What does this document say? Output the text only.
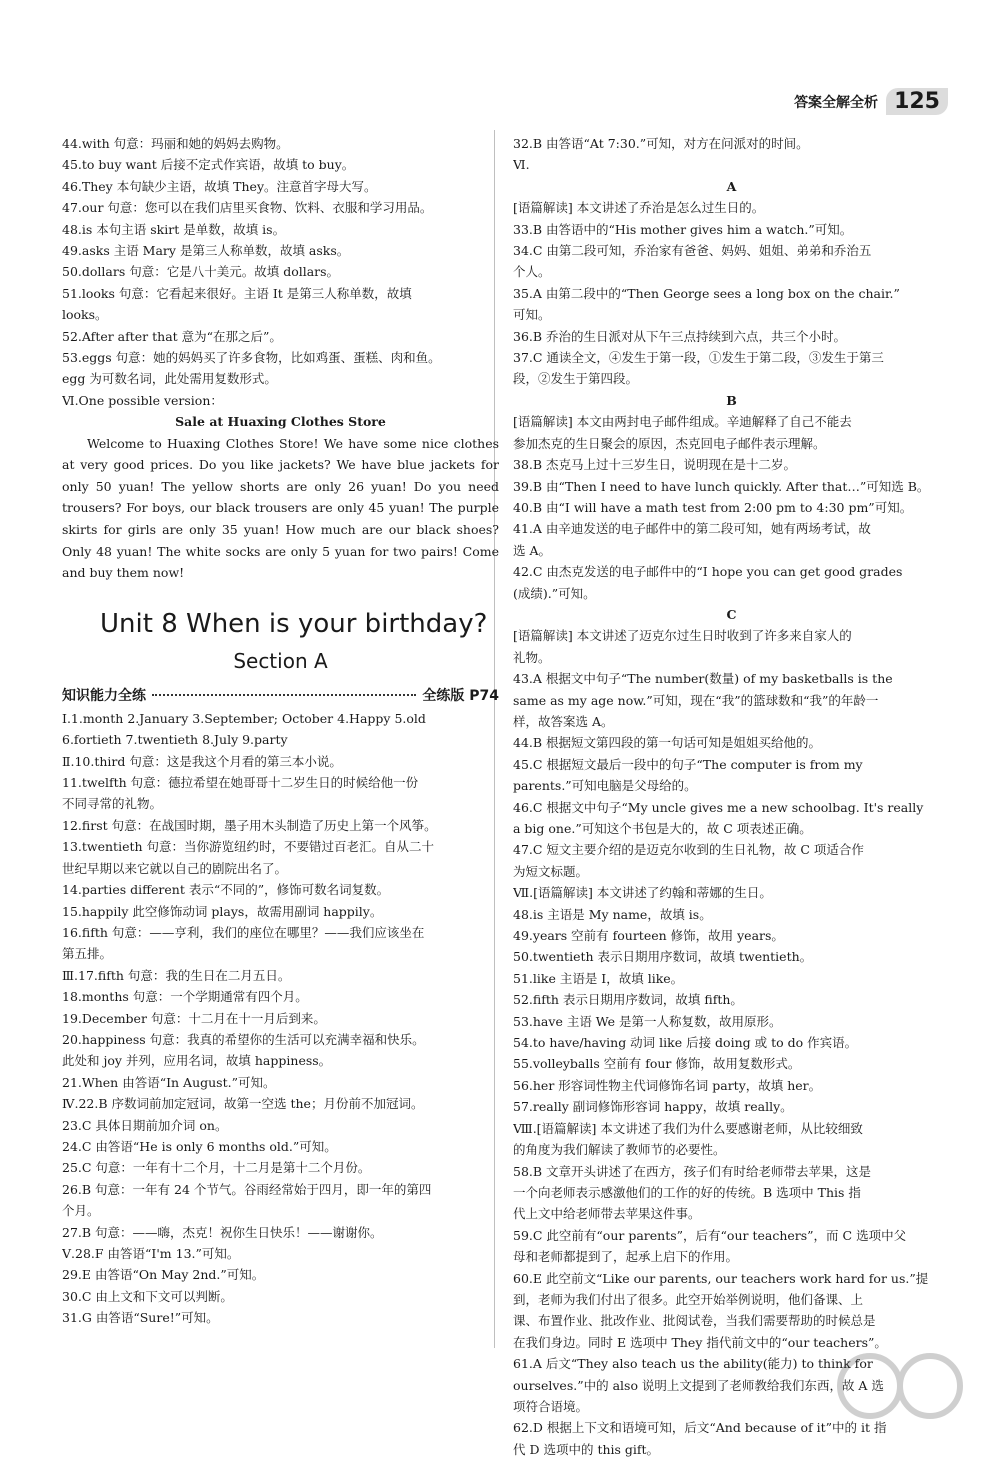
答案全解全析 125
44.with 句意：玛丽和她的妈妈去购物。
45.to buy want 后接不定式作宾语，故填 to buy。
46.They 本句缺少主语，故填 They。注意首字母大写。
47.our 句意：您可以在我们店里买食物、饮料、衣服和学习用品。
48.is 本句主语 skirt 是单数，故填 is。
49.asks 主语 Mary 是第三人称单数，故填 asks。
50.dollars 句意：它是八十美元。故填 dollars。
51.looks 句意：它看起来很好。主语 It 是第三人称单数，故填
looks。
52.After after that 意为“在那之后”。
53.eggs 句意：她的妈妈买了许多食物，比如鸡蛋、蛋糕、肉和鱼。
egg 为可数名词，此处需用复数形式。
Ⅵ.One possible version：
Sale at Huaxing Clothes Store
Welcome to Huaxing Clothes Store! We have some nice clothes at very good prices. Do you like jackets? We have blue jackets for only 50 yuan! The yellow shorts are only 26 yuan! Do you need trousers? For boys, our black trousers are only 45 yuan! The purple skirts for girls are only 35 yuan! How much are our black shoes? Only 48 yuan! The white socks are only 5 yuan for two pairs! Come and buy them now!
Unit 8 When is your birthday?
Section A
知识能力全练	全练版 P74
Ⅰ.1.month 2.January 3.September; October 4.Happy 5.old
6.fortieth 7.twentieth 8.July 9.party
Ⅱ.10.third 句意：这是我这个月看的第三本小说。
11.twelfth 句意：德拉希望在她哥哥十二岁生日的时候给他一份
不同寻常的礼物。
12.first 句意：在战国时期，墨子用木头制造了历史上第一个风筝。
13.twentieth 句意：当你游览纽约时，不要错过百老汇。自从二十
世纪早期以来它就以自己的剧院出名了。
14.parties different 表示“不同的”，修饰可数名词复数。
15.happily 此空修饰动词 plays，故需用副词 happily。
16.fifth 句意：——亨利，我们的座位在哪里？——我们应该坐在
第五排。
Ⅲ.17.fifth 句意：我的生日在二月五日。
18.months 句意：一个学期通常有四个月。
19.December 句意：十二月在十一月后到来。
20.happiness 句意：我真的希望你的生活可以充满幸福和快乐。
此处和 joy 并列，应用名词，故填 happiness。
21.When 由答语“In August.”可知。
Ⅳ.22.B 序数词前加定冠词，故第一空选 the；月份前不加冠词。
23.C 具体日期前加介词 on。
24.C 由答语“He is only 6 months old.”可知。
25.C 句意：一年有十二个月，十二月是第十二个月份。
26.B 句意：一年有 24 个节气。谷雨经常始于四月，即一年的第四
个月。
27.B 句意：——嗨，杰克！祝你生日快乐！——谢谢你。
Ⅴ.28.F 由答语“I'm 13.”可知。
29.E 由答语“On May 2nd.”可知。
30.C 由上文和下文可以判断。
31.G 由答语“Sure!”可知。
32.B 由答语“At 7:30.”可知，对方在问派对的时间。
Ⅵ.
A
[语篇解读] 本文讲述了乔治是怎么过生日的。
33.B 由答语中的“His mother gives him a watch.”可知。
34.C 由第二段可知，乔治家有爸爸、妈妈、姐姐、弟弟和乔治五
个人。
35.A 由第二段中的“Then George sees a long box on the chair.”
可知。
36.B 乔治的生日派对从下午三点持续到六点，共三个小时。
37.C 通读全文，④发生于第一段，①发生于第二段，③发生于第三
段，②发生于第四段。
B
[语篇解读] 本文由两封电子邮件组成。辛迪解释了自己不能去
参加杰克的生日聚会的原因，杰克回电子邮件表示理解。
38.B 杰克马上过十三岁生日，说明现在是十二岁。
39.B 由“Then I need to have lunch quickly. After that…”可知选 B。
40.B 由“I will have a math test from 2:00 pm to 4:30 pm”可知。
41.A 由辛迪发送的电子邮件中的第二段可知，她有两场考试，故
选 A。
42.C 由杰克发送的电子邮件中的“I hope you can get good grades
(成绩).”可知。
C
[语篇解读] 本文讲述了迈克尔过生日时收到了许多来自家人的
礼物。
43.A 根据文中句子“The number(数量) of my basketballs is the
same as my age now.”可知，现在“我”的篮球数和“我”的年龄一
样，故答案选 A。
44.B 根据短文第四段的第一句话可知是姐姐买给他的。
45.C 根据短文最后一段中的句子“The computer is from my
parents.”可知电脑是父母给的。
46.C 根据文中句子“My uncle gives me a new schoolbag. It's really
a big one.”可知这个书包是大的，故 C 项表述正确。
47.C 短文主要介绍的是迈克尔收到的生日礼物，故 C 项适合作
为短文标题。
Ⅶ.[语篇解读] 本文讲述了约翰和蒂娜的生日。
48.is 主语是 My name，故填 is。
49.years 空前有 fourteen 修饰，故用 years。
50.twentieth 表示日期用序数词，故填 twentieth。
51.like 主语是 I，故填 like。
52.fifth 表示日期用序数词，故填 fifth。
53.have 主语 We 是第一人称复数，故用原形。
54.to have/having 动词 like 后接 doing 或 to do 作宾语。
55.volleyballs 空前有 four 修饰，故用复数形式。
56.her 形容词性物主代词修饰名词 party，故填 her。
57.really 副词修饰形容词 happy，故填 really。
Ⅷ.[语篇解读] 本文讲述了我们为什么要感谢老师，从比较细致
的角度为我们解读了教师节的必要性。
58.B 文章开头讲述了在西方，孩子们有时给老师带去苹果，这是
一个向老师表示感激他们的工作的好的传统。B 选项中 This 指
代上文中给老师带去苹果这件事。
59.C 此空前有“our parents”，后有“our teachers”，而 C 选项中父
母和老师都提到了，起承上启下的作用。
60.E 此空前文“Like our parents, our teachers work hard for us.”提
到，老师为我们付出了很多。此空开始举例说明，他们备课、上
课、布置作业、批改作业、批阅试卷，当我们需要帮助的时候总是
在我们身边。同时 E 选项中 They 指代前文中的“our teachers”。
61.A 后文“They also teach us the ability(能力) to think for
ourselves.”中的 also 说明上文提到了老师教给我们东西，故 A 选
项符合语境。
62.D 根据上下文和语境可知，后文“And because of it”中的 it 指
代 D 选项中的 this gift。
